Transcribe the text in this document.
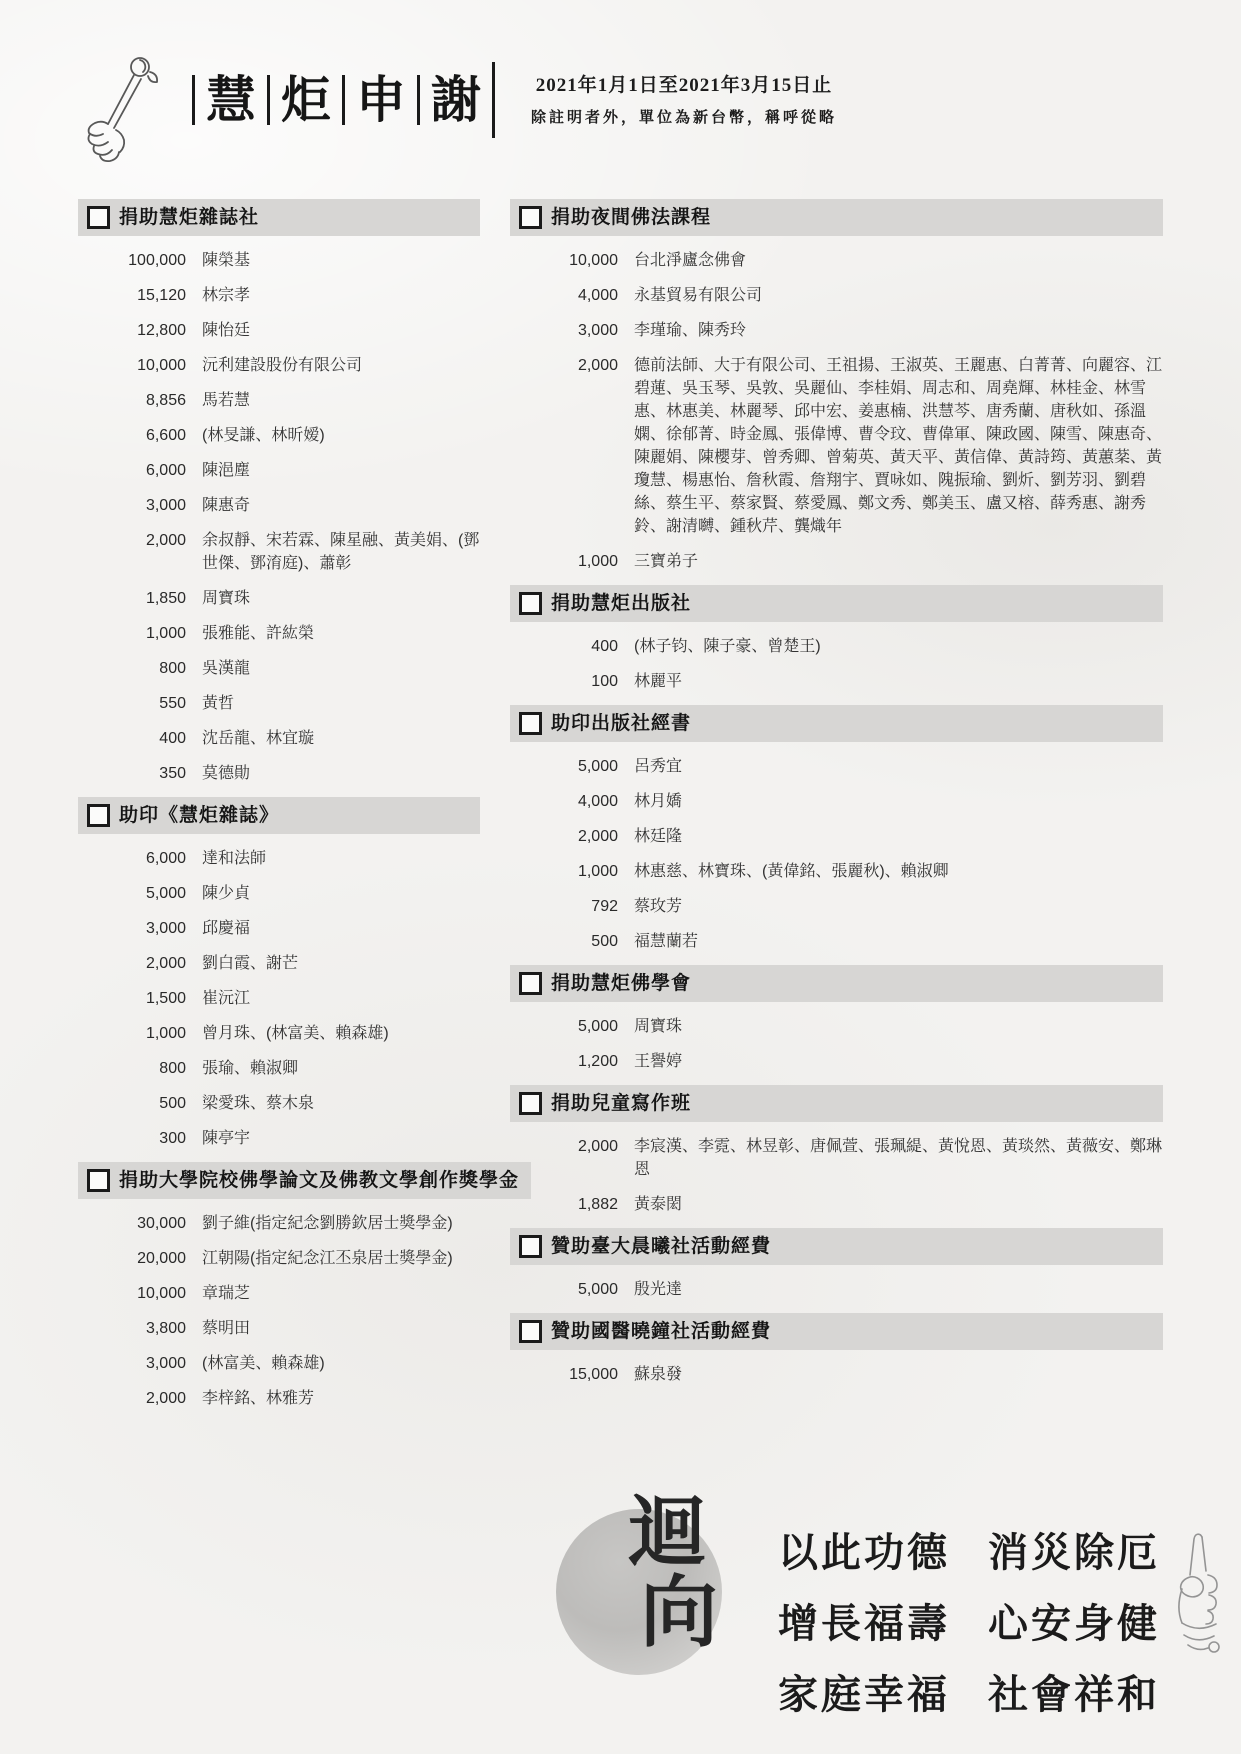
慧 炬 申 謝	2021年1月1日至2021年3月15日止
除註明者外，單位為新台幣，稱呼從略
捐助慧炬雜誌社
100,000 陳榮基
15,120 林宗孝
12,800 陳怡廷
10,000 沅利建設股份有限公司
8,856 馬若慧
6,600 (林旻謙、林昕嫒)
6,000 陳浥塵
3,000 陳惠奇
2,000 余叔靜、宋若霖、陳星融、黃美娟、(鄧世傑、鄧淯庭)、蕭彰
1,850 周寶珠
1,000 張雅能、許紘榮
800 吳漢龍
550 黃哲
400 沈岳龍、林宜璇
350 莫德勛
助印《慧炬雜誌》
6,000 達和法師
5,000 陳少貞
3,000 邱慶福
2,000 劉白霞、謝芒
1,500 崔沅江
1,000 曾月珠、(林富美、賴森雄)
800 張瑜、賴淑卿
500 梁愛珠、蔡木泉
300 陳亭宇
捐助大學院校佛學論文及佛教文學創作獎學金
30,000 劉子維(指定紀念劉勝欽居士獎學金)
20,000 江朝陽(指定紀念江丕泉居士獎學金)
10,000 章瑞芝
3,800 蔡明田
3,000 (林富美、賴森雄)
2,000 李梓銘、林雅芳
捐助夜間佛法課程
10,000 台北淨廬念佛會
4,000 永基貿易有限公司
3,000 李瑾瑜、陳秀玲
2,000 德前法師、大于有限公司、王祖揚、王淑英、王麗惠、白菁菁、向麗容、江碧蓮、吳玉琴、吳敦、吳麗仙、李桂娟、周志和、周堯輝、林桂金、林雪惠、林惠美、林麗琴、邱中宏、姜惠楠、洪慧芩、唐秀蘭、唐秋如、孫溫嫻、徐郁菁、時金鳳、張偉博、曹令玟、曹偉軍、陳政國、陳雪、陳惠奇、陳麗娟、陳櫻芽、曾秀卿、曾菊英、黃天平、黃信偉、黃詩筠、黃蕙棻、黃瓊慧、楊惠怡、詹秋霞、詹翔宇、賈咏如、隗振瑜、劉炘、劉芳羽、劉碧絲、蔡生平、蔡家賢、蔡愛鳳、鄭文秀、鄭美玉、盧又榕、薛秀惠、謝秀鈴、謝清嚩、鍾秋芹、龔熾年
1,000 三寶弟子
捐助慧炬出版社
400 (林子钧、陳子豪、曾楚王)
100 林麗平
助印出版社經書
5,000 呂秀宜
4,000 林月嬌
2,000 林廷隆
1,000 林惠慈、林寶珠、(黃偉銘、張麗秋)、賴淑卿
792 蔡玫芳
500 福慧蘭若
捐助慧炬佛學會
5,000 周寶珠
1,200 王譽婷
捐助兒童寫作班
2,000 李宸漢、李霓、林昱彰、唐佩萱、張珮緹、黃悅恩、黃琰然、黃薇安、鄭琳恩
1,882 黃泰閎
贊助臺大晨曦社活動經費
5,000 殷光達
贊助國醫曉鐘社活動經費
15,000 蘇泉發
迴
向
以此功德 消災除厄
增長福壽 心安身健
家庭幸福 社會祥和
